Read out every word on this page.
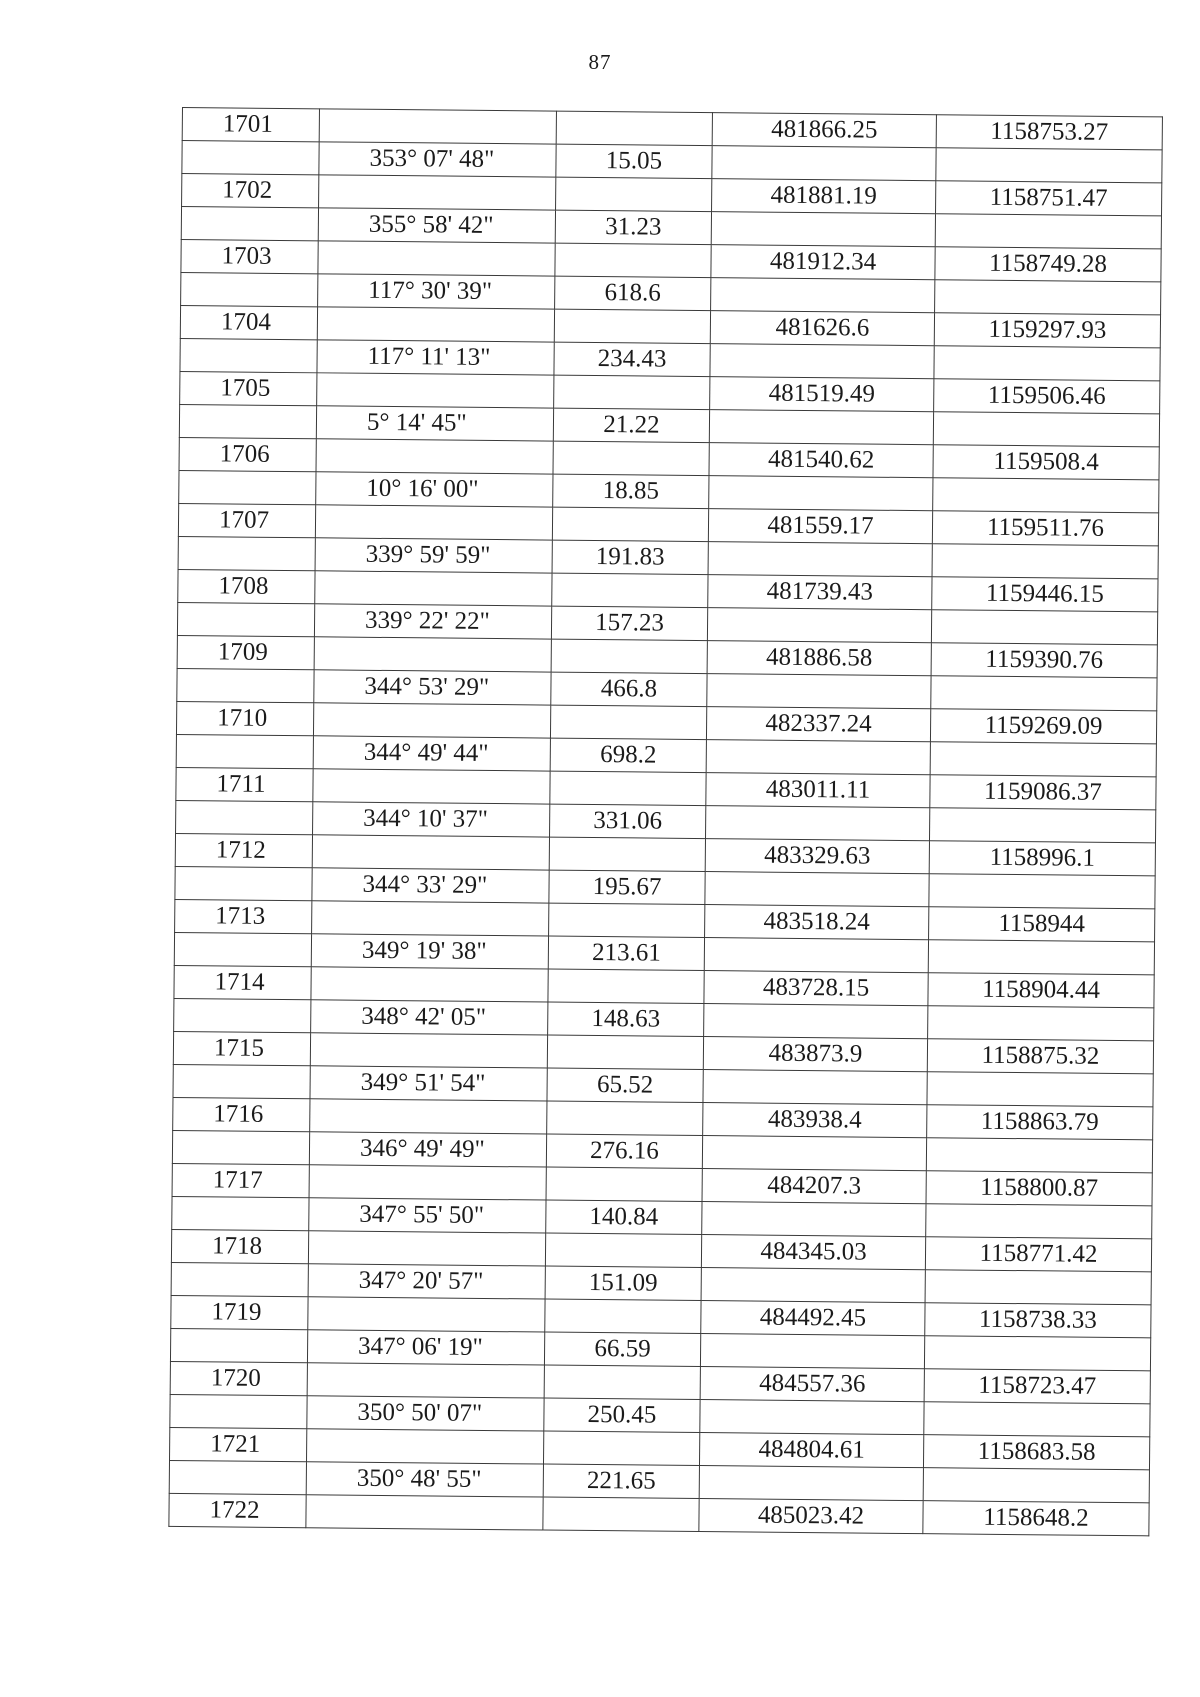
87
1701			481866.25	1158753.27
	353° 07' 48"	15.05		
1702			481881.19	1158751.47
	355° 58' 42"	31.23		
1703			481912.34	1158749.28
	117° 30' 39"	618.6		
1704			481626.6	1159297.93
	117° 11' 13"	234.43		
1705			481519.49	1159506.46
	5° 14' 45"	21.22		
1706			481540.62	1159508.4
	10° 16' 00"	18.85		
1707			481559.17	1159511.76
	339° 59' 59"	191.83		
1708			481739.43	1159446.15
	339° 22' 22"	157.23		
1709			481886.58	1159390.76
	344° 53' 29"	466.8		
1710			482337.24	1159269.09
	344° 49' 44"	698.2		
1711			483011.11	1159086.37
	344° 10' 37"	331.06		
1712			483329.63	1158996.1
	344° 33' 29"	195.67		
1713			483518.24	1158944
	349° 19' 38"	213.61		
1714			483728.15	1158904.44
	348° 42' 05"	148.63		
1715			483873.9	1158875.32
	349° 51' 54"	65.52		
1716			483938.4	1158863.79
	346° 49' 49"	276.16		
1717			484207.3	1158800.87
	347° 55' 50"	140.84		
1718			484345.03	1158771.42
	347° 20' 57"	151.09		
1719			484492.45	1158738.33
	347° 06' 19"	66.59		
1720			484557.36	1158723.47
	350° 50' 07"	250.45		
1721			484804.61	1158683.58
	350° 48' 55"	221.65		
1722			485023.42	1158648.2
